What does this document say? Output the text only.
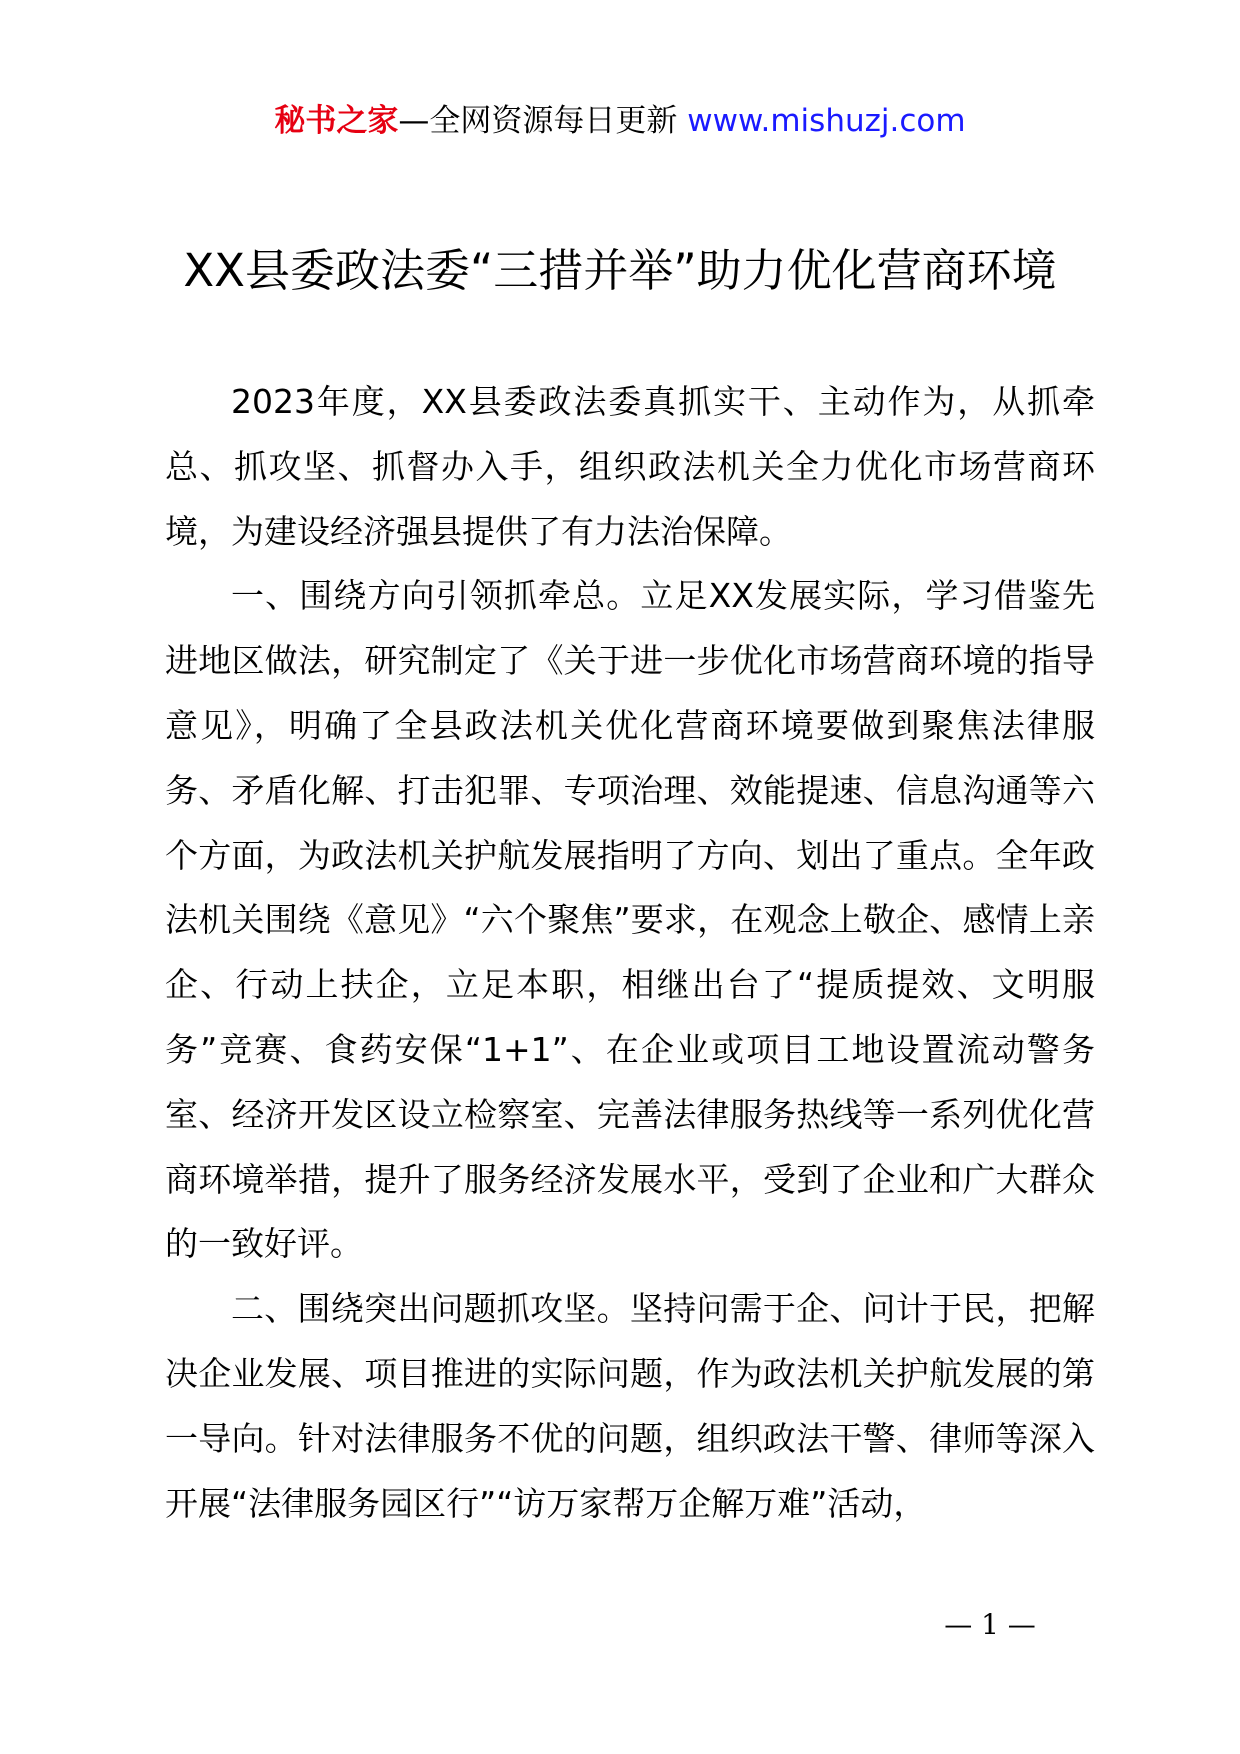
秘书之家—全网资源每日更新 www.mishuzj.com
XX县委政法委“三措并举”助力优化营商环境

2023年度，XX县委政法委真抓实干、主动作为，从抓牵总、抓攻坚、抓督办入手，组织政法机关全力优化市场营商环境，为建设经济强县提供了有力法治保障。

一、围绕方向引领抓牵总。立足XX发展实际，学习借鉴先进地区做法，研究制定了《关于进一步优化市场营商环境的指导意见》，明确了全县政法机关优化营商环境要做到聚焦法律服务、矛盾化解、打击犯罪、专项治理、效能提速、信息沟通等六个方面，为政法机关护航发展指明了方向、划出了重点。全年政法机关围绕《意见》“六个聚焦”要求，在观念上敬企、感情上亲企、行动上扶企，立足本职，相继出台了“提质提效、文明服务”竞赛、食药安保“1+1”、在企业或项目工地设置流动警务室、经济开发区设立检察室、完善法律服务热线等一系列优化营商环境举措，提升了服务经济发展水平，受到了企业和广大群众的一致好评。

二、围绕突出问题抓攻坚。坚持问需于企、问计于民，把解决企业发展、项目推进的实际问题，作为政法机关护航发展的第一导向。针对法律服务不优的问题，组织政法干警、律师等深入开展“法律服务园区行”“访万家帮万企解万难”活动，

— 1 —
